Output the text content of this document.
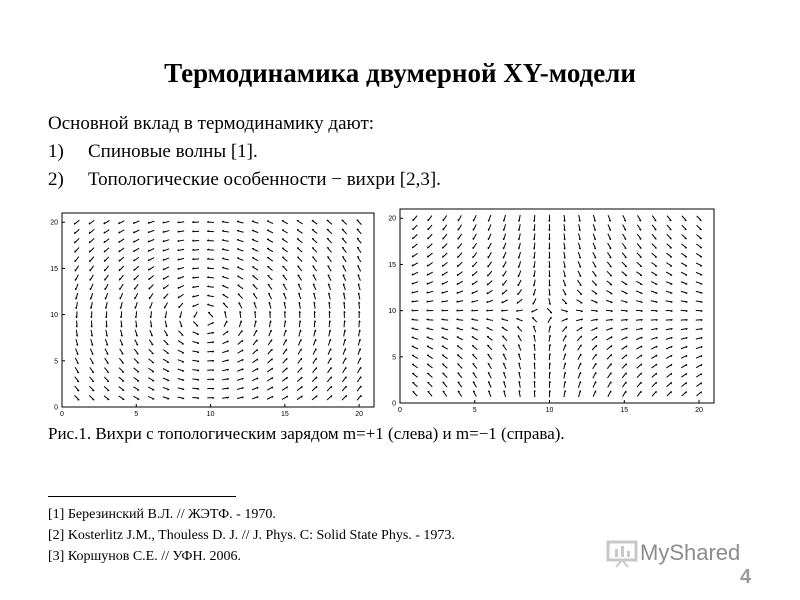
Термодинамика двумерной XY-модели
Основной вклад в термодинамику дают:
1)	Спиновые волны [1].
2)	Топологические особенности − вихри [2,3].
0	5	10	15	20
0
5
10
15
20
0	5	10	15	20
0
5
10
15
20
Рис.1. Вихри с топологическим зарядом m=+1 (слева) и m=−1 (справа).
[1] Березинский В.Л. // ЖЭТФ. - 1970.
[2] Kosterlitz J.M., Thouless D. J. // J. Phys. C: Solid State Phys. - 1973.
[3] Коршунов С.Е. // УФН. 2006.	MyShared
4
